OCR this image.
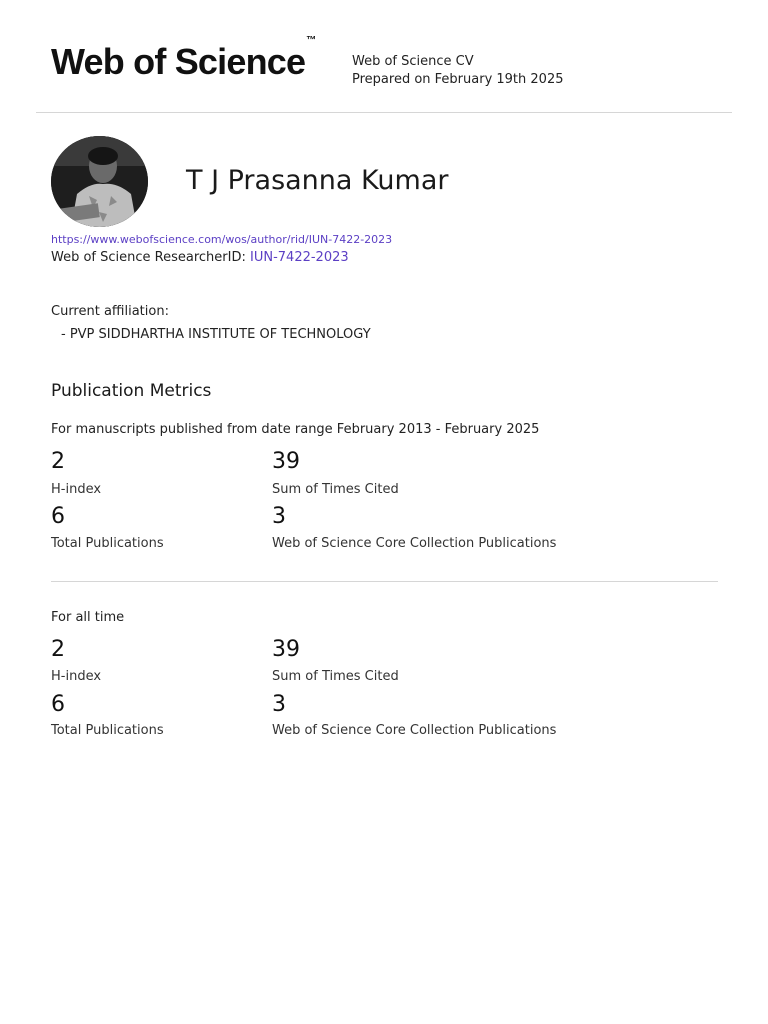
Web of Science™
Web of Science CV
Prepared on February 19th 2025
T J Prasanna Kumar
https://www.webofscience.com/wos/author/rid/IUN-7422-2023
Web of Science ResearcherID: IUN-7422-2023
Current affiliation:
- PVP SIDDHARTHA INSTITUTE OF TECHNOLOGY
Publication Metrics
For manuscripts published from date range February 2013 - February 2025
2
H-index
39
Sum of Times Cited
6
Total Publications
3
Web of Science Core Collection Publications
For all time
2
H-index
39
Sum of Times Cited
6
Total Publications
3
Web of Science Core Collection Publications
